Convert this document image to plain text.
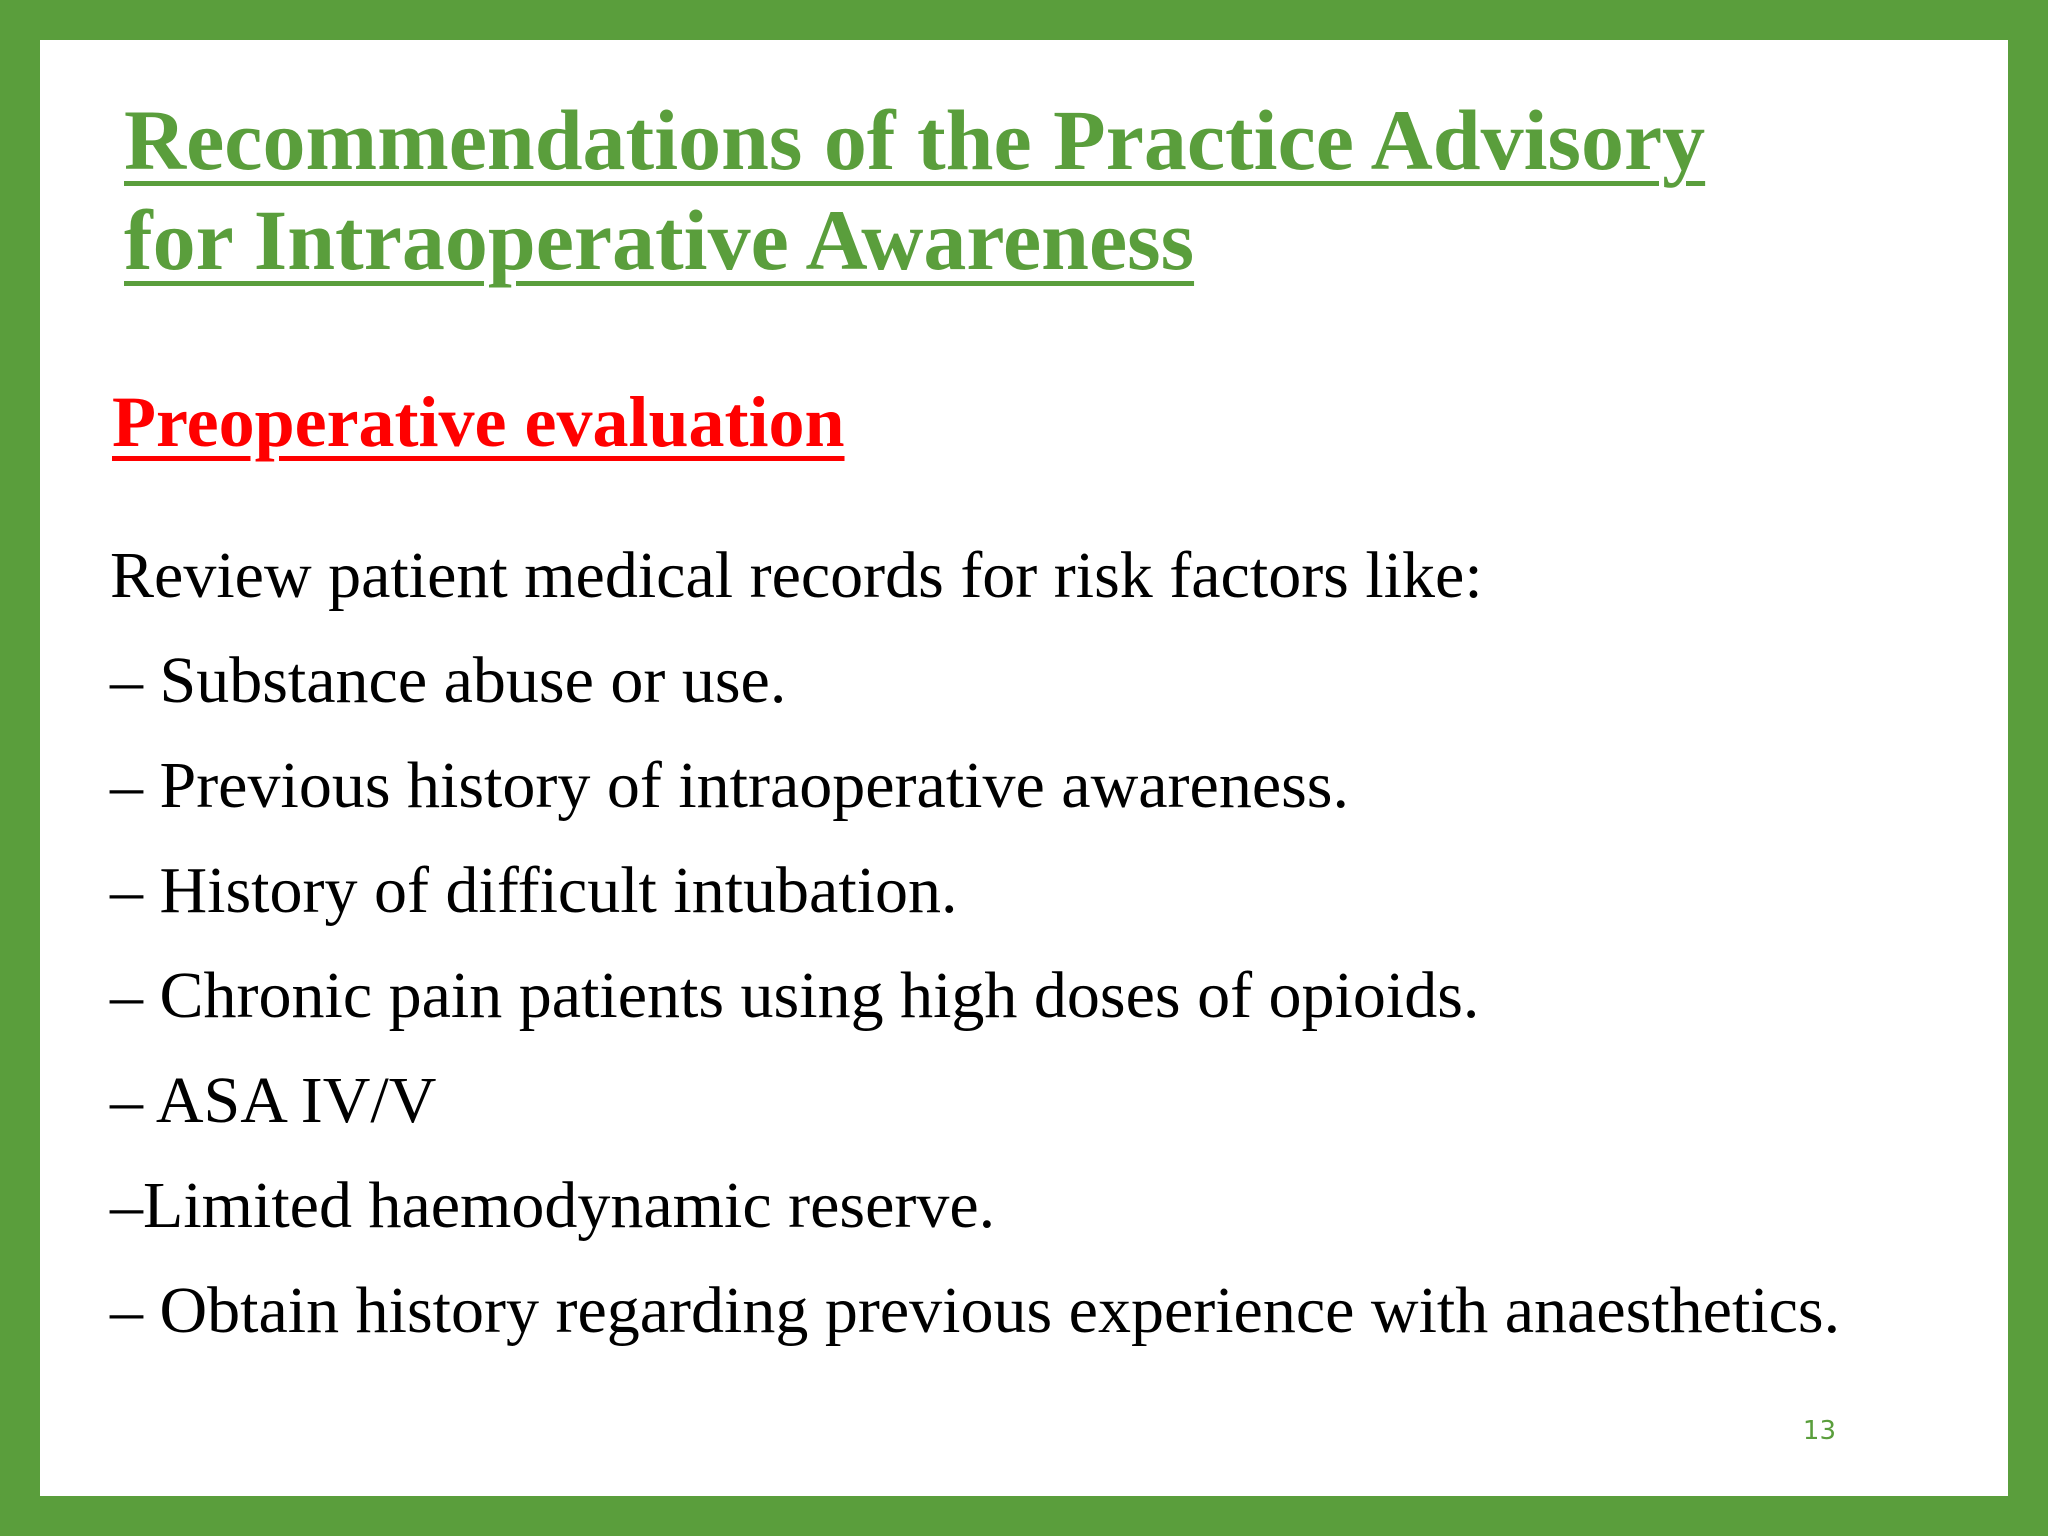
Recommendations of the Practice Advisory
for Intraoperative Awareness
Preoperative evaluation
Review patient medical records for risk factors like:
– Substance abuse or use.
– Previous history of intraoperative awareness.
– History of difficult intubation.
– Chronic pain patients using high doses of opioids.
– ASA IV/V
–Limited haemodynamic reserve.
– Obtain history regarding previous experience with anaesthetics.
13
